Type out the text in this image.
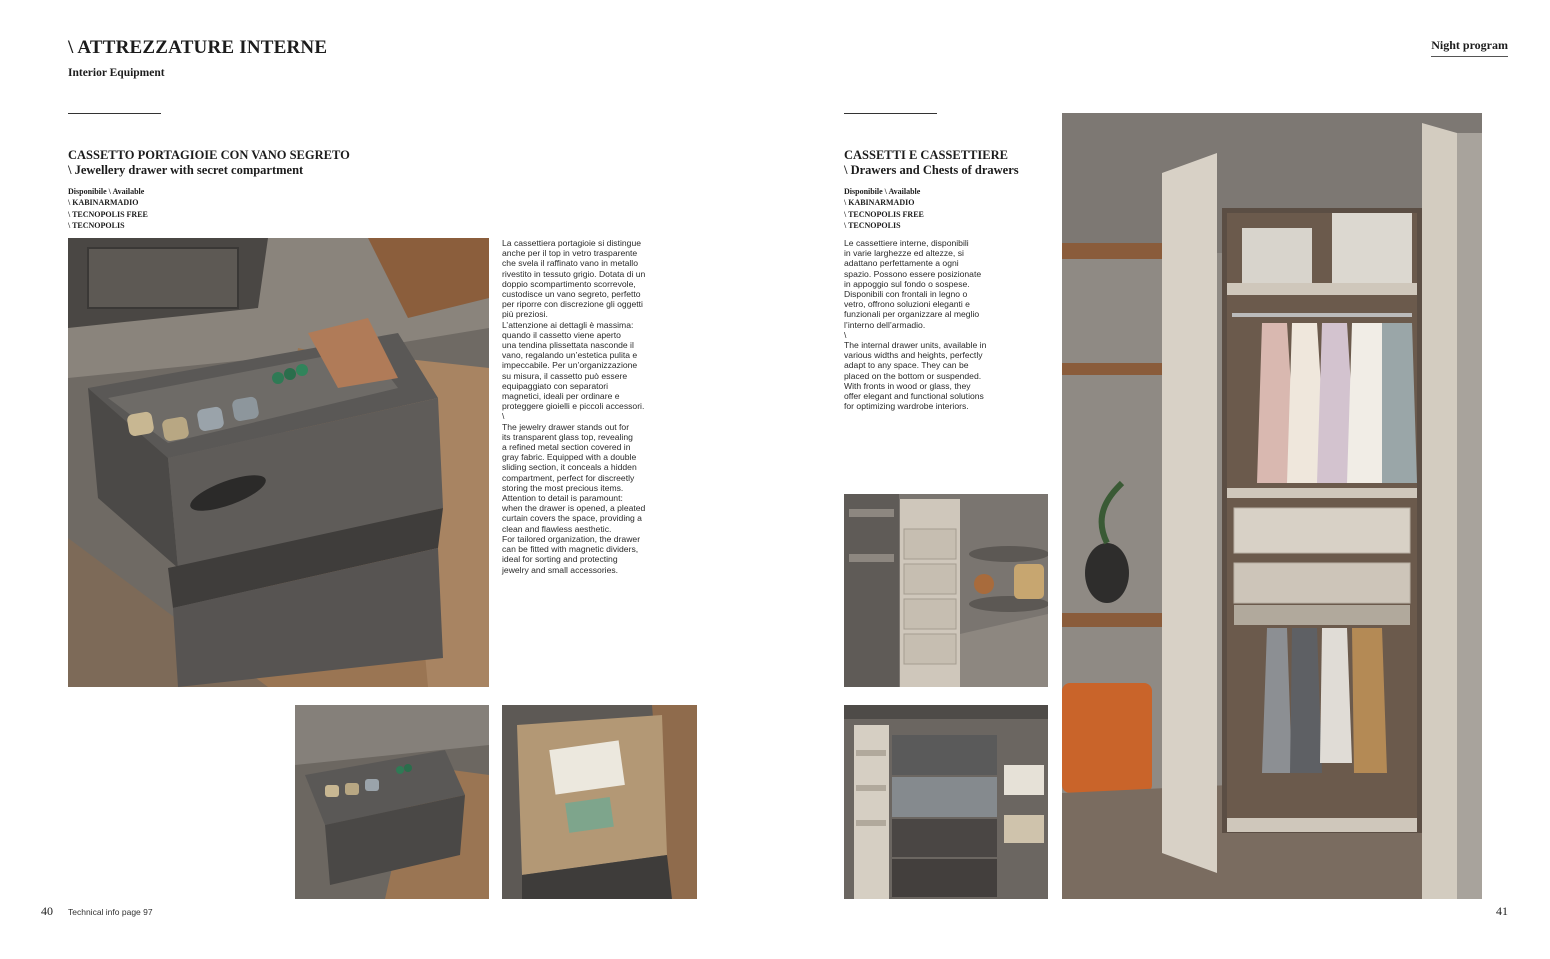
\ ATTREZZATURE INTERNE
Interior Equipment
CASSETTO PORTAGIOIE CON VANO SEGRETO
\ Jewellery drawer with secret compartment
Disponibile \ Available
\ KABINARMADIO
\ TECNOPOLIS FREE
\ TECNOPOLIS
La cassettiera portagioie si distingue
anche per il top in vetro trasparente
che svela il raffinato vano in metallo
rivestito in tessuto grigio. Dotata di un
doppio scompartimento scorrevole,
custodisce un vano segreto, perfetto
per riporre con discrezione gli oggetti
più preziosi.
L’attenzione ai dettagli è massima:
quando il cassetto viene aperto
una tendina plissettata nasconde il
vano, regalando un’estetica pulita e
impeccabile. Per un’organizzazione
su misura, il cassetto può essere
equipaggiato con separatori
magnetici, ideali per ordinare e
proteggere gioielli e piccoli accessori.
\
The jewelry drawer stands out for
its transparent glass top, revealing
a refined metal section covered in
gray fabric. Equipped with a double
sliding section, it conceals a hidden
compartment, perfect for discreetly
storing the most precious items.
Attention to detail is paramount:
when the drawer is opened, a pleated
curtain covers the space, providing a
clean and flawless aesthetic.
For tailored organization, the drawer
can be fitted with magnetic dividers,
ideal for sorting and protecting
jewelry and small accessories.
40 Technical info page 97
Night program
CASSETTI E CASSETTIERE
\ Drawers and Chests of drawers
Disponibile \ Available
\ KABINARMADIO
\ TECNOPOLIS FREE
\ TECNOPOLIS
Le cassettiere interne, disponibili
in varie larghezze ed altezze, si
adattano perfettamente a ogni
spazio. Possono essere posizionate
in appoggio sul fondo o sospese.
Disponibili con frontali in legno o
vetro, offrono soluzioni eleganti e
funzionali per organizzare al meglio
l’interno dell’armadio.
\
The internal drawer units, available in
various widths and heights, perfectly
adapt to any space. They can be
placed on the bottom or suspended.
With fronts in wood or glass, they
offer elegant and functional solutions
for optimizing wardrobe interiors.
41
